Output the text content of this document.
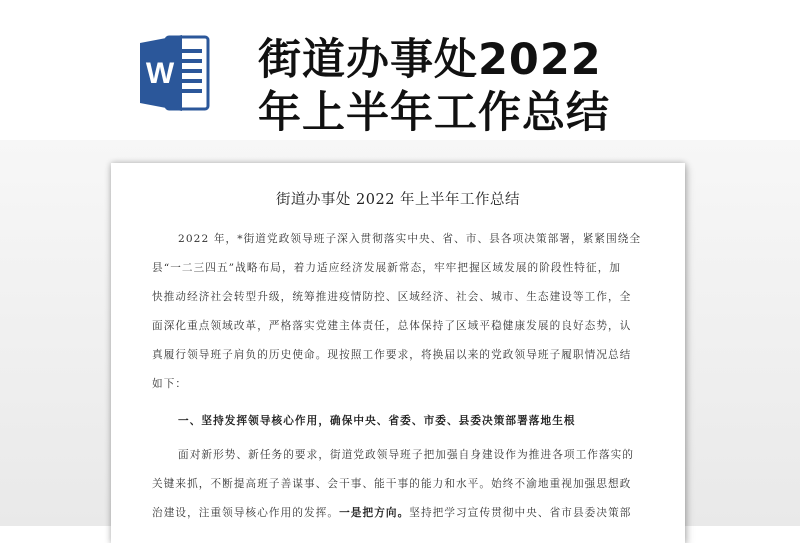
W 街道办事处2022
年上半年工作总结
街道办事处 2022 年上半年工作总结
2022 年，*街道党政领导班子深入贯彻落实中央、省、市、县各项决策部署，紧紧围绕全
县“一二三四五”战略布局，着力适应经济发展新常态，牢牢把握区域发展的阶段性特征，加
快推动经济社会转型升级，统筹推进疫情防控、区域经济、社会、城市、生态建设等工作，全
面深化重点领域改革，严格落实党建主体责任，总体保持了区域平稳健康发展的良好态势，认
真履行领导班子肩负的历史使命。现按照工作要求，将换届以来的党政领导班子履职情况总结
如下：
一、坚持发挥领导核心作用，确保中央、省委、市委、县委决策部署落地生根
面对新形势、新任务的要求，街道党政领导班子把加强自身建设作为推进各项工作落实的
关键来抓，不断提高班子善谋事、会干事、能干事的能力和水平。始终不渝地重视加强思想政
治建设，注重领导核心作用的发挥。一是把方向。坚持把学习宣传贯彻中央、省市县委决策部
